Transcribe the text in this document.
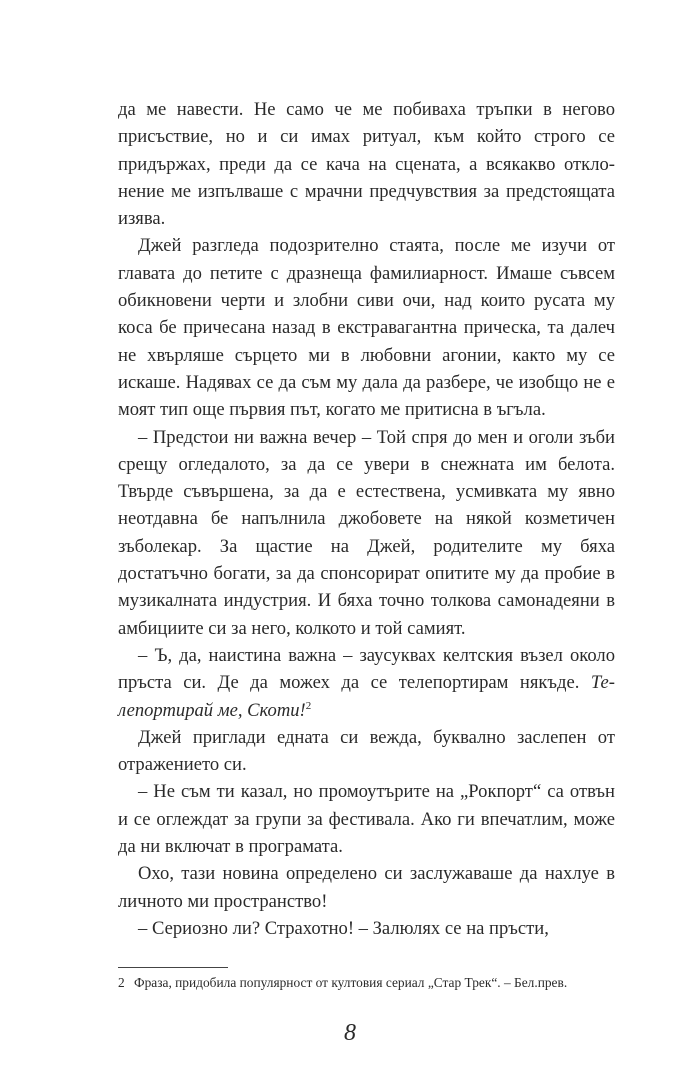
да ме навести. Не само че ме побиваха тръпки в негово присъствие, но и си имах ритуал, към който строго се придържах, преди да се кача на сцената, а всякакво отклонение ме изпълваше с мрачни предчувствия за предстоящата изява.

Джей разгледа подозрително стаята, после ме изучи от главата до петите с дразнеща фамилиарност. Имаше съвсем обикновени черти и злобни сиви очи, над които русата му коса бе причесана назад в екстравагантна прическа, та далеч не хвърляше сърцето ми в любовни агонии, както му се искаше. Надявах се да съм му дала да разбере, че изобщо не е моят тип още първия път, когато ме притисна в ъгъла.

– Предстои ни важна вечер – Той спря до мен и оголи зъби срещу огледалото, за да се увери в снежната им белота. Твърде съвършена, за да е естествена, усмивката му явно неотдавна бе напълнила джобовете на някой козметичен зъболекар. За щастие на Джей, родителите му бяха достатъчно богати, за да спонсорират опитите му да пробие в музикалната индустрия. И бяха точно толкова самонадеяни в амбициите си за него, колкото и той самият.

– Ъ, да, наистина важна – заусуквах келтския възел около пръста си. Де да можех да се телепортирам някъде. Телепортирай ме, Скоти!$^2$

Джей приглади едната си вежда, буквално заслепен от отражението си.

– Не съм ти казал, но промоутърите на „Рокпорт“ са отвън и се оглеждат за групи за фестивала. Ако ги впечатлим, може да ни включат в програмата.

Охо, тази новина определено си заслужаваше да нахлуе в личното ми пространство!

– Сериозно ли? Страхотно! – Залюлях се на пръсти,

2 Фраза, придобила популярност от култовия сериал „Стар Трек“. – Бел.прев.
8
